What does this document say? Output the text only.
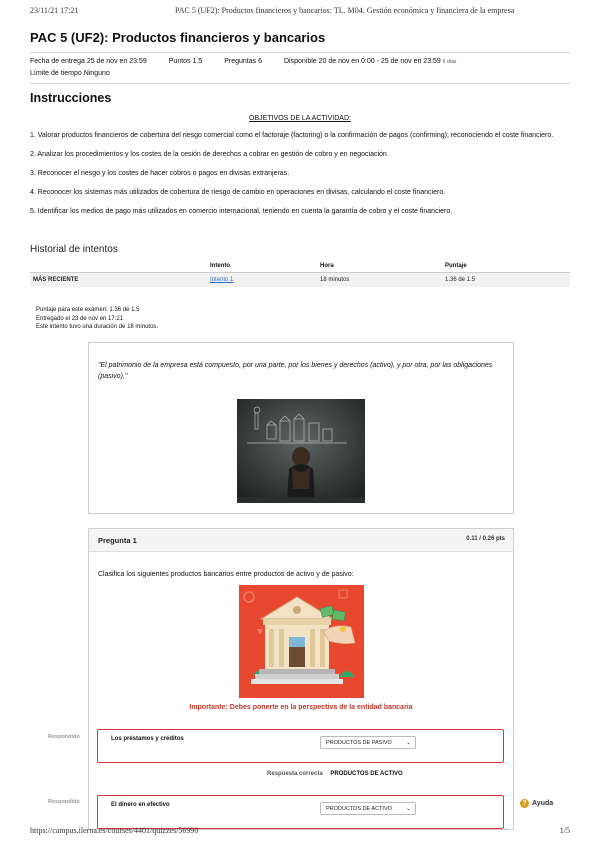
23/11/21 17:21	PAC 5 (UF2): Productos financieros y bancarios: TL. M04. Gestión económica y financiera de la empresa
PAC 5 (UF2): Productos financieros y bancarios
Fecha de entrega 25 de nov en 23:59	Puntos 1.5	Preguntas 6	Disponible 20 de nov en 0:00 - 25 de nov en 23:59 6 días
Límite de tiempo Ninguno
Instrucciones
OBJETIVOS DE LA ACTIVIDAD:

1. Valorar productos financieros de cobertura del riesgo comercial como el factoraje (factoring) o la confirmación de pagos (confirming), reconociendo el coste financiero.

2. Analizar los procedimientos y los costes de la cesión de derechos a cobrar en gestión de cobro y en negociación.

3. Reconocer el riesgo y los costes de hacer cobros o pagos en divisas extranjeras.

4. Reconocer los sistemas más utilizados de cobertura de riesgo de cambio en operaciones en divisas, calculando el coste financiero.

5. Identificar los medios de pago más utilizados en comercio internacional, teniendo en cuenta la garantía de cobro y el coste financiero.

Historial de intentos
	Intento	Hora	Puntaje
MÁS RECIENTE	Intento 1	18 minutos	1.36 de 1.5
Puntaje para este examen: 1.36 de 1.5
Entregado el 23 de nov en 17:21
Este intento tuvo una duración de 18 minutos.
"El patrimonio de la empresa está compuesto, por una parte, por los bienes y derechos (activo), y por otra, por las obligaciones (pasivo)."
Pregunta 1	0.11 / 0.26 pts
Clasifica los siguientes productos bancarios entre productos de activo y de pasivo:
Importante: Debes ponerte en la perspectiva de la entidad bancaria
Los préstamos y créditos
PRODUCTOS DE PASIVO ⌄
Respuesta correcta PRODUCTOS DE ACTIVO
El dinero en efectivo
PRODUCTOS DE ACTIVO ⌄
Respondido
Respondido	? Ayuda
https://campus.ilerna.es/courses/4401/quizzes/56990	1/5
